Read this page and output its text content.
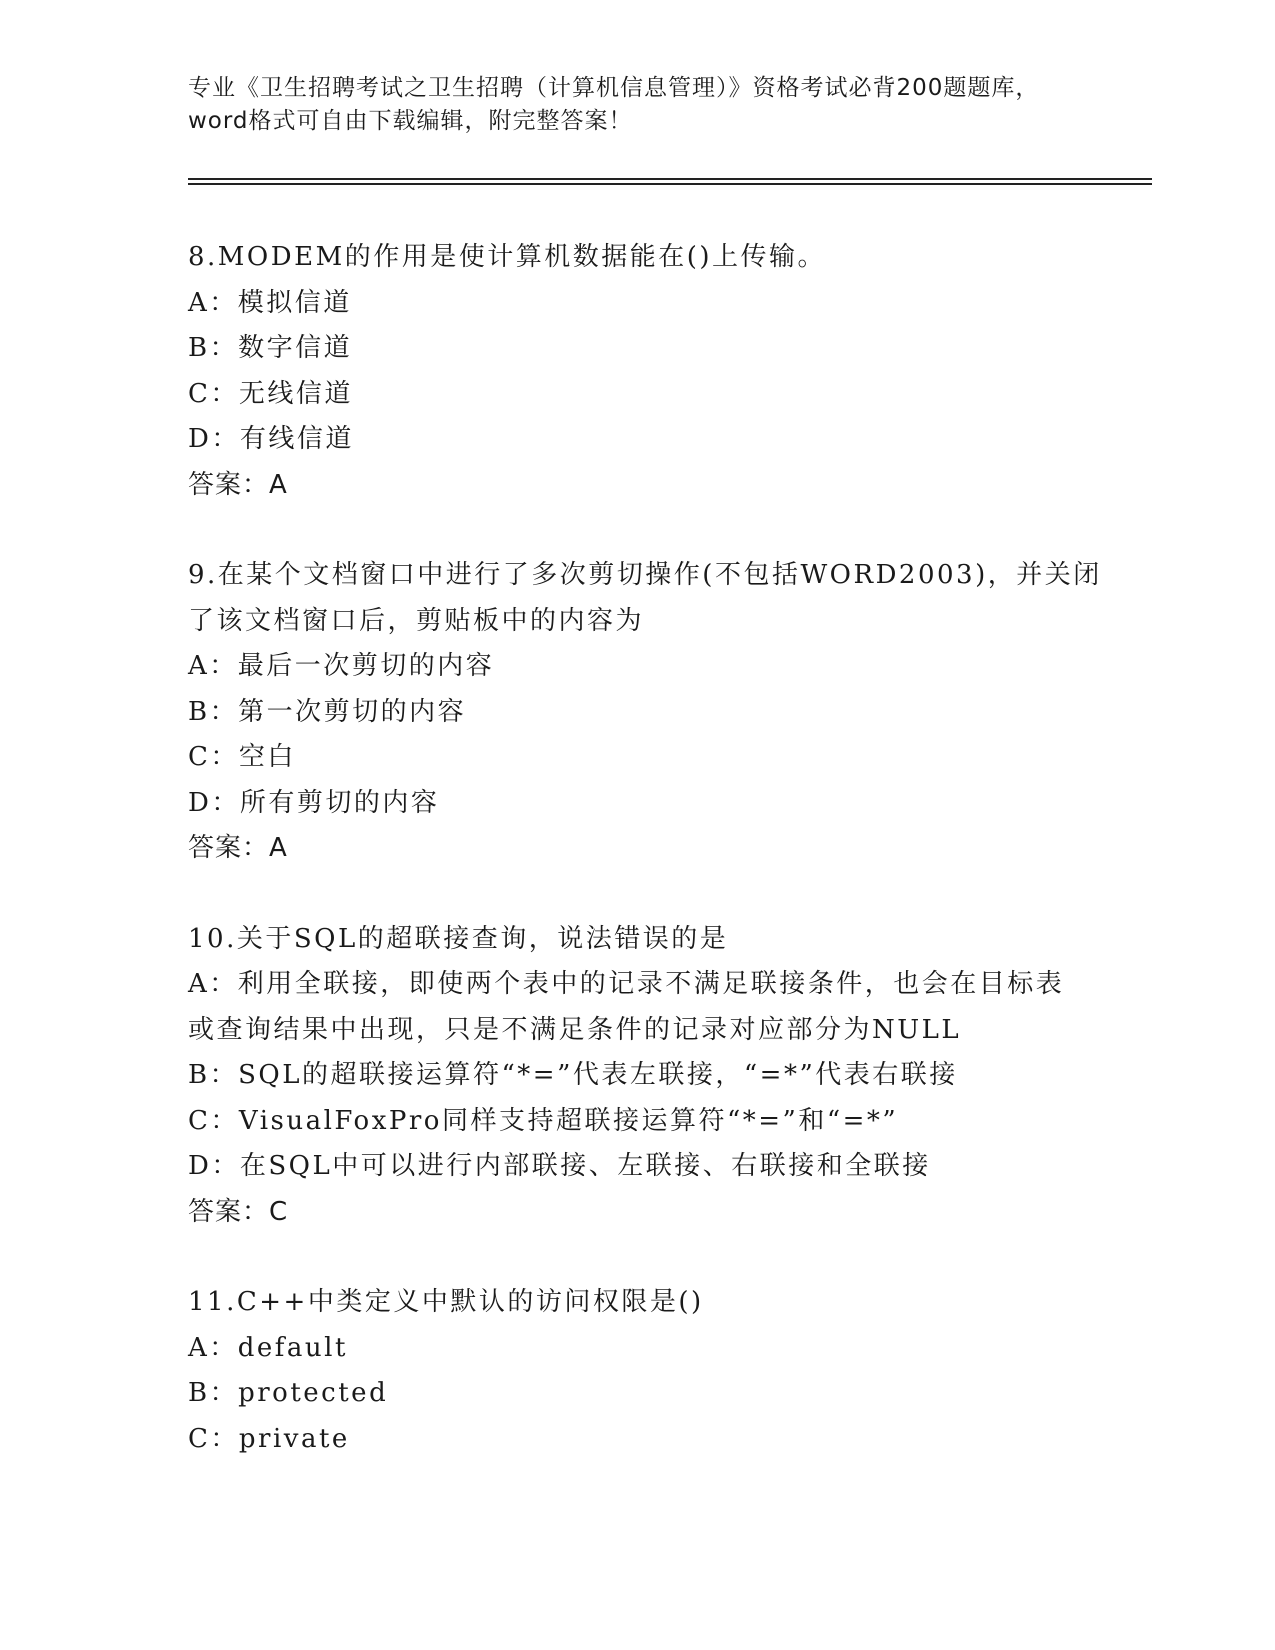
专业《卫生招聘考试之卫生招聘（计算机信息管理）》资格考试必背200题题库，
word格式可自由下载编辑，附完整答案！
8.MODEM的作用是使计算机数据能在()上传输。
A：模拟信道
B：数字信道
C：无线信道
D：有线信道
答案：A
9.在某个文档窗口中进行了多次剪切操作(不包括WORD2003)，并关闭
了该文档窗口后，剪贴板中的内容为
A：最后一次剪切的内容
B：第一次剪切的内容
C：空白
D：所有剪切的内容
答案：A
10.关于SQL的超联接查询，说法错误的是
A：利用全联接，即使两个表中的记录不满足联接条件，也会在目标表
或查询结果中出现，只是不满足条件的记录对应部分为NULL
B：SQL的超联接运算符“*=”代表左联接，“=*”代表右联接
C：VisualFoxPro同样支持超联接运算符“*=”和“=*”
D：在SQL中可以进行内部联接、左联接、右联接和全联接
答案：C
11.C++中类定义中默认的访问权限是()
A：default
B：protected
C：private
